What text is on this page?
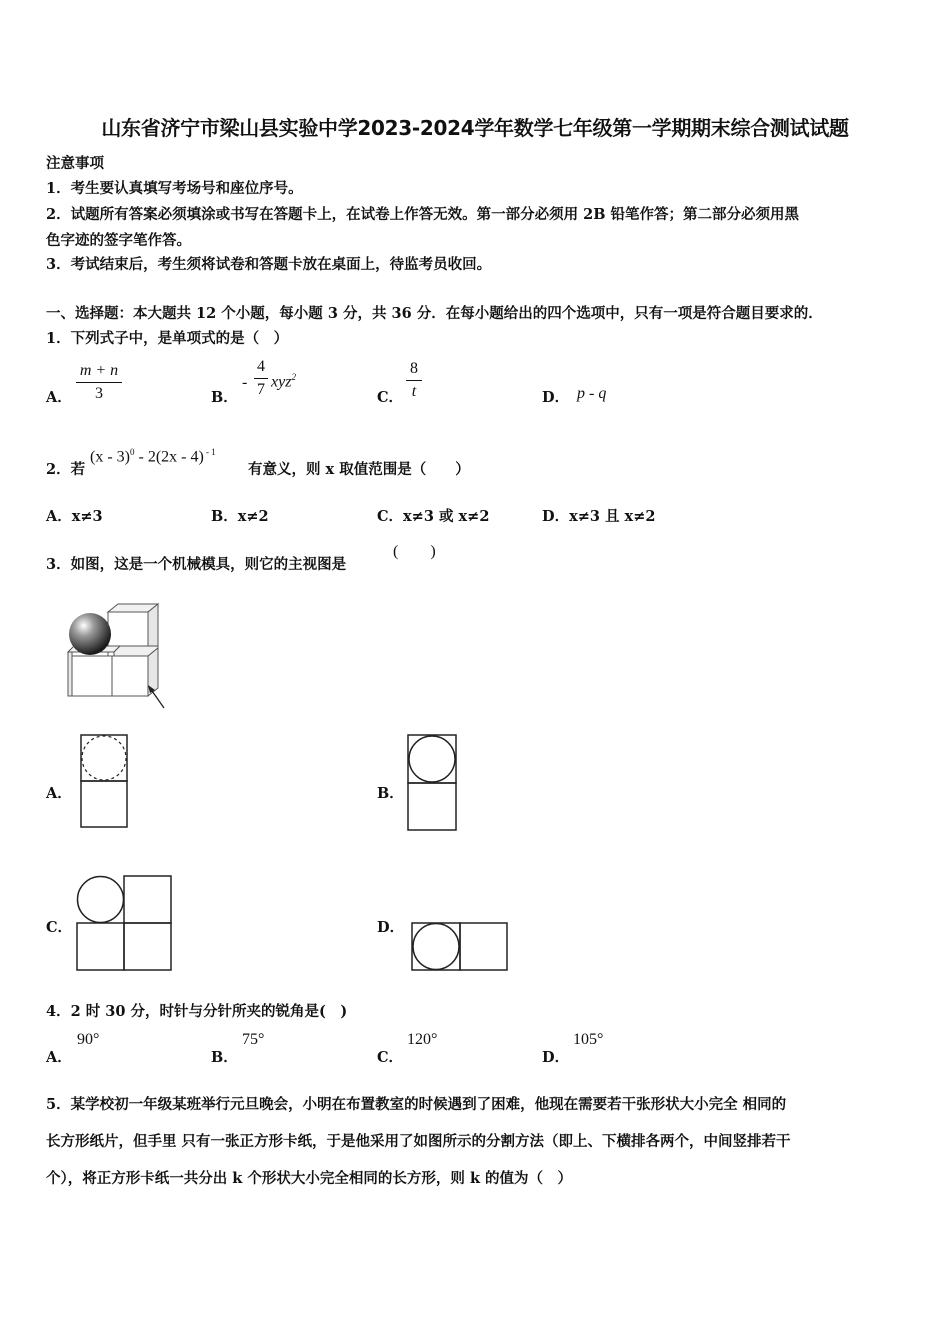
山东省济宁市梁山县实验中学2023-2024学年数学七年级第一学期期末综合测试试题
注意事项
1．考生要认真填写考场号和座位序号。
2．试题所有答案必须填涂或书写在答题卡上，在试卷上作答无效。第一部分必须用 2B 铅笔作答；第二部分必须用黑
色字迹的签字笔作答。
3．考试结束后，考生须将试卷和答题卡放在桌面上，待监考员收回。
一、选择题：本大题共 12 个小题，每小题 3 分，共 36 分．在每小题给出的四个选项中，只有一项是符合题目要求的．
1．下列式子中，是单项式的是（　）
A．
m + n
3	B．
-
4
7 xyz$^2$
C．
8
t	D． p - q
2．若
(x - 3)$^0$ - 2(2x - 4) $^{- 1}$
有意义，则 x 取值范围是（　　）
A．x≠3	B．x≠2	C．x≠3 或 x≠2	D．x≠3 且 x≠2
3．如图，这是一个机械模具，则它的主视图是
(　　)
A．	B．
C．	D．
4．2 时 30 分，时针与分针所夹的锐角是(　)
A．
90°
B．
75°
C．
120°
D．
105°
5．某学校初一年级某班举行元旦晚会，小明在布置教室的时候遇到了困难，他现在需要若干张形状大小完全 相同的
长方形纸片，但手里 只有一张正方形卡纸，于是他采用了如图所示的分割方法（即上、下横排各两个，中间竖排若干
个），将正方形卡纸一共分出 k 个形状大小完全相同的长方形，则 k 的值为（　）
